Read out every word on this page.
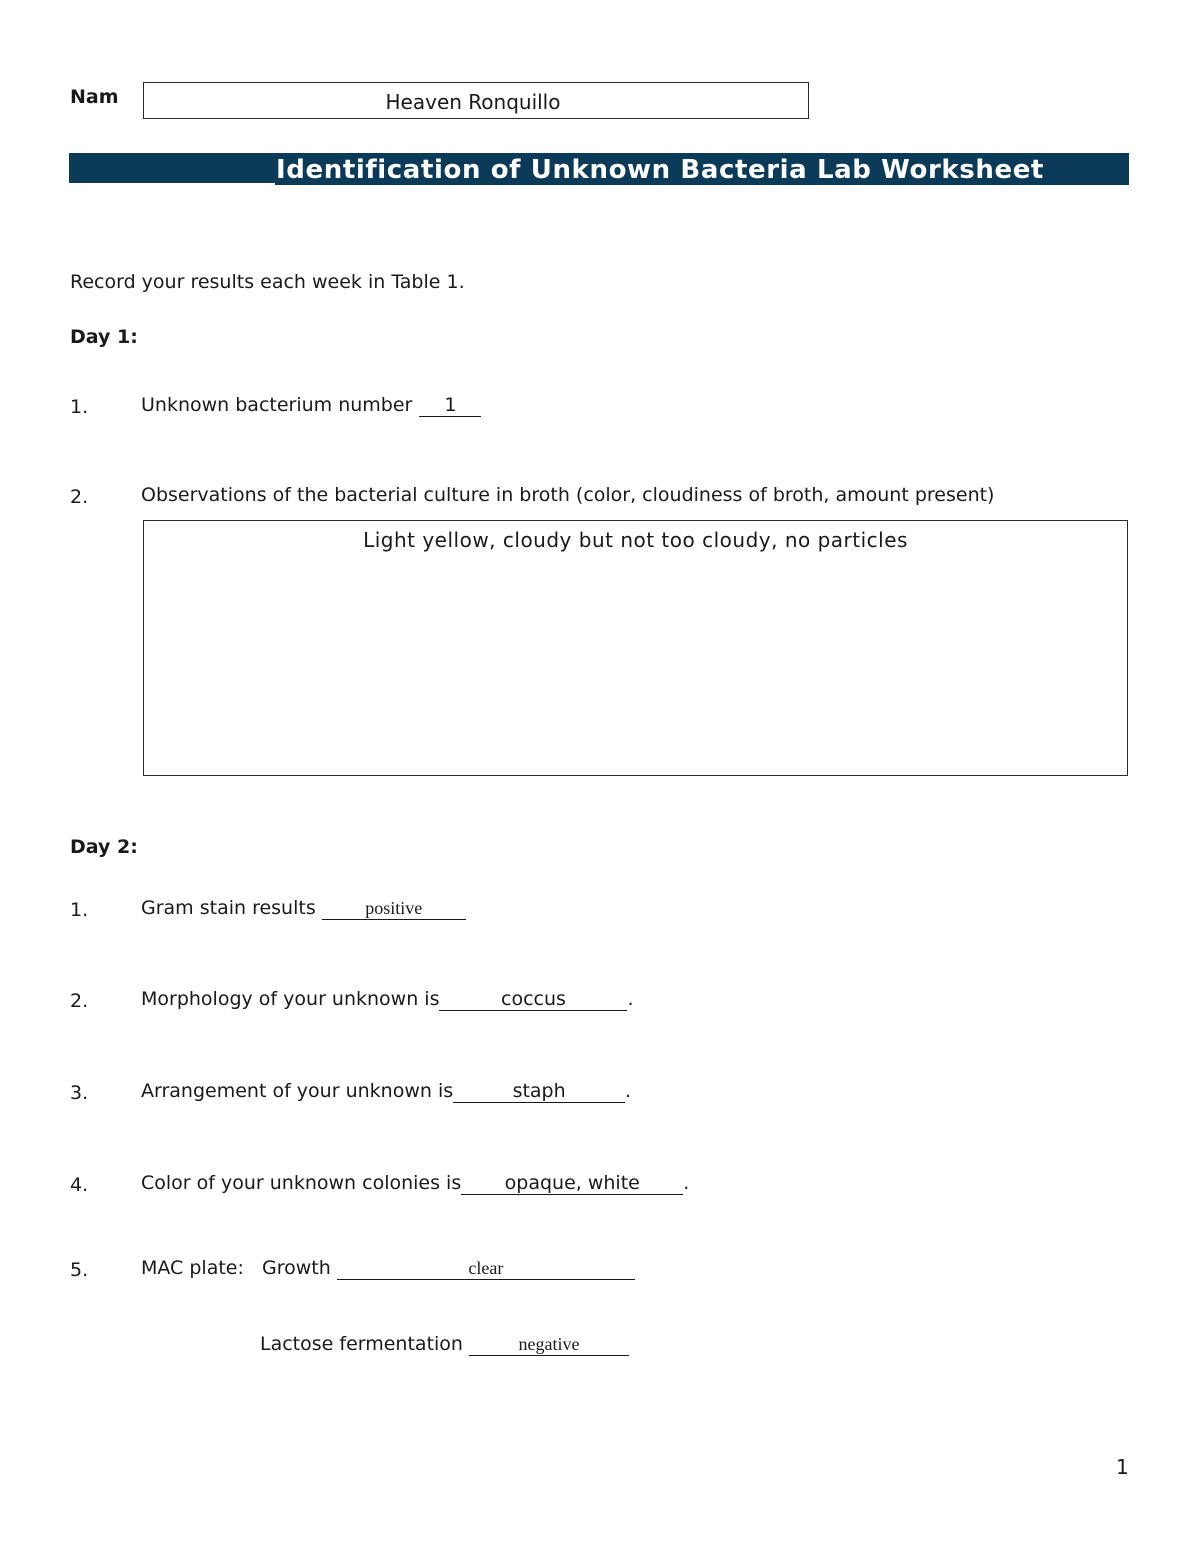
Nam	Heaven Ronquillo
Identification of Unknown Bacteria Lab Worksheet
Record your results each week in Table 1.
Day 1:
1.	Unknown bacterium number 1
2.	Observations of the bacterial culture in broth (color, cloudiness of broth, amount present)
Light yellow, cloudy but not too cloudy, no particles
Day 2:
1.	Gram stain results	positive
2.	Morphology of your unknown is	coccus	.
3.	Arrangement of your unknown is	staph	.
4.	Color of your unknown colonies is opaque, white .
5.	MAC plate:   Growth	clear
Lactose fermentation	negative
1
